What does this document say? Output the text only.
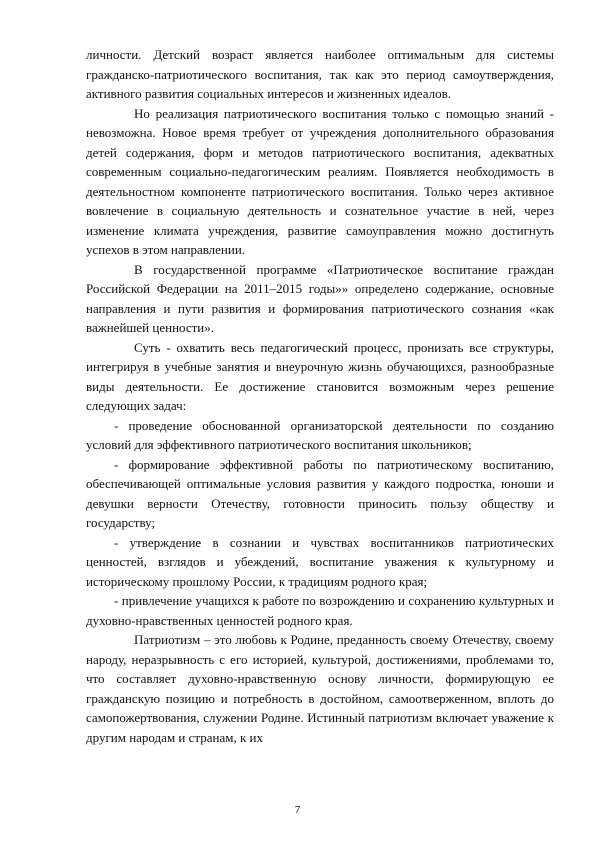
личности. Детский возраст является наиболее оптимальным для системы гражданско-патриотического воспитания, так как это период самоутверждения, активного развития социальных интересов и жизненных идеалов.

Но реализация патриотического воспитания только с помощью знаний - невозможна. Новое время требует от учреждения дополнительного образования детей содержания, форм и методов патриотического воспитания, адекватных современным социально-педагогическим реалиям. Появляется необходимость в деятельностном компоненте патриотического воспитания. Только через активное вовлечение в социальную деятельность и сознательное участие в ней, через изменение климата учреждения, развитие самоуправления можно достигнуть успехов в этом направлении.

В государственной программе «Патриотическое воспитание граждан Российской Федерации на 2011–2015 годы»» определено содержание, основные направления и пути развития и формирования патриотического сознания «как важнейшей ценности».

Суть - охватить весь педагогический процесс, пронизать все структуры, интегрируя в учебные занятия и внеурочную жизнь обучающихся, разнообразные виды деятельности. Ее достижение становится возможным через решение следующих задач:

- проведение обоснованной организаторской деятельности по созданию условий для эффективного патриотического воспитания школьников;

- формирование эффективной работы по патриотическому воспитанию, обеспечивающей оптимальные условия развития у каждого подростка, юноши и девушки верности Отечеству, готовности приносить пользу обществу и государству;

- утверждение в сознании и чувствах воспитанников патриотических ценностей, взглядов и убеждений, воспитание уважения к культурному и историческому прошлому России, к традициям родного края;

- привлечение учащихся к работе по возрождению и сохранению культурных и духовно-нравственных ценностей родного края.

Патриотизм – это любовь к Родине, преданность своему Отечеству, своему народу, неразрывность с его историей, культурой, достижениями, проблемами то, что составляет духовно-нравственную основу личности, формирующую ее гражданскую позицию и потребность в достойном, самоотверженном, вплоть до самопожертвования, служении Родине. Истинный патриотизм включает уважение к другим народам и странам, к их

7
